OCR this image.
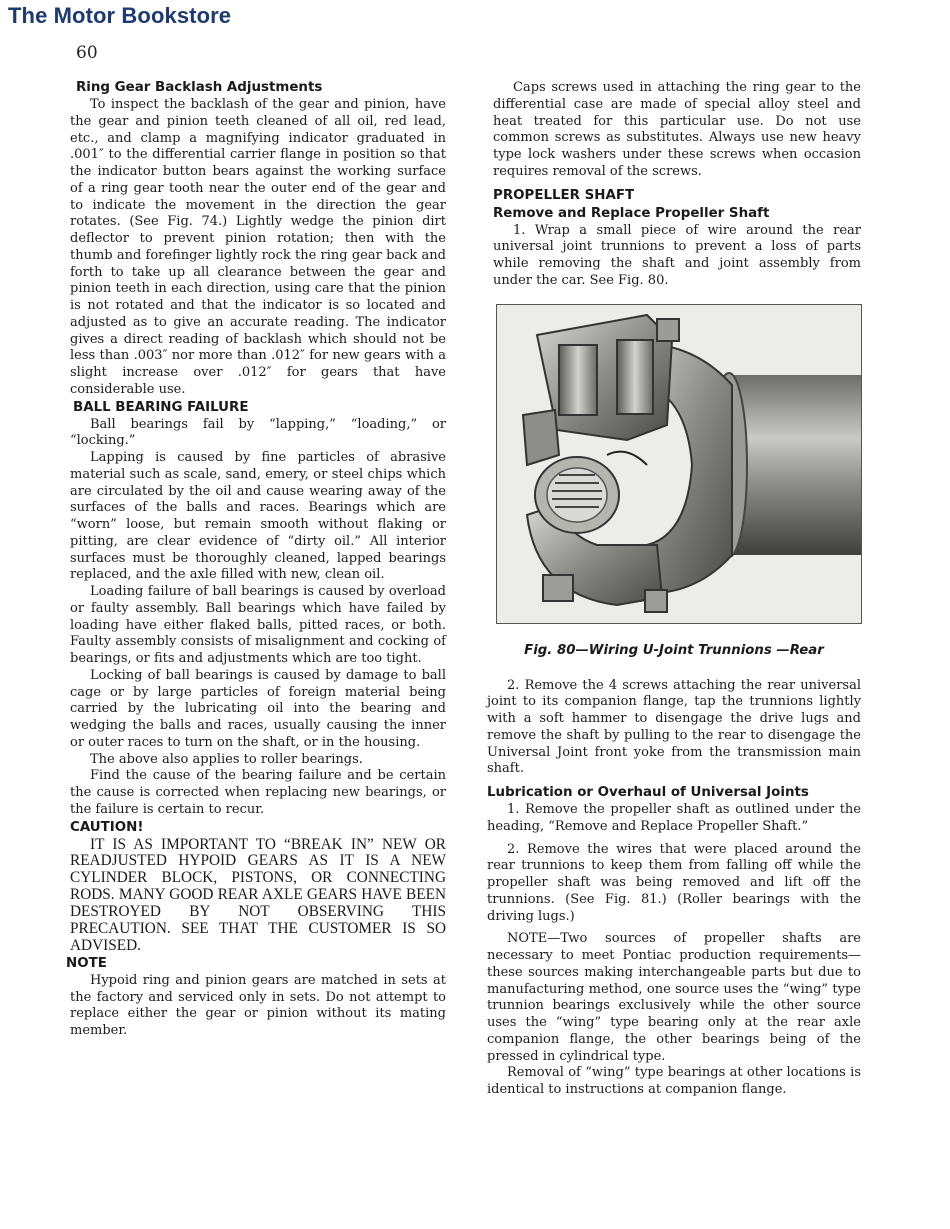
The Motor Bookstore
60
Ring Gear Backlash Adjustments

To inspect the backlash of the gear and pinion, have the gear and pinion teeth cleaned of all oil, red lead, etc., and clamp a magnifying indicator graduated in .001″ to the differential carrier flange in position so that the indicator button bears against the working surface of a ring gear tooth near the outer end of the gear and to indicate the movement in the direction the gear rotates. (See Fig. 74.) Lightly wedge the pinion dirt deflector to prevent pinion rotation; then with the thumb and forefinger lightly rock the ring gear back and forth to take up all clearance between the gear and pinion teeth in each direction, using care that the pinion is not rotated and that the indicator is so located and adjusted as to give an accurate reading. The indicator gives a direct reading of backlash which should not be less than .003″ nor more than .012″ for new gears with a slight increase over .012″ for gears that have considerable use.

BALL BEARING FAILURE

Ball bearings fail by “lapping,” “loading,” or “locking.”

Lapping is caused by fine particles of abrasive material such as scale, sand, emery, or steel chips which are circulated by the oil and cause wearing away of the surfaces of the balls and races. Bearings which are “worn” loose, but remain smooth without flaking or pitting, are clear evidence of “dirty oil.” All interior surfaces must be thoroughly cleaned, lapped bearings replaced, and the axle filled with new, clean oil.

Loading failure of ball bearings is caused by overload or faulty assembly. Ball bearings which have failed by loading have either flaked balls, pitted races, or both. Faulty assembly consists of misalignment and cocking of bearings, or fits and adjustments which are too tight.

Locking of ball bearings is caused by damage to ball cage or by large particles of foreign material being carried by the lubricating oil into the bearing and wedging the balls and races, usually causing the inner or outer races to turn on the shaft, or in the housing.

The above also applies to roller bearings.

Find the cause of the bearing failure and be certain the cause is corrected when replacing new bearings, or the failure is certain to recur.

CAUTION!

IT IS AS IMPORTANT TO “BREAK IN” NEW OR READJUSTED HYPOID GEARS AS IT IS A NEW CYLINDER BLOCK, PISTONS, OR CONNECTING RODS. MANY GOOD REAR AXLE GEARS HAVE BEEN DESTROYED BY NOT OBSERVING THIS PRECAUTION. SEE THAT THE CUSTOMER IS SO ADVISED.

NOTE

Hypoid ring and pinion gears are matched in sets at the factory and serviced only in sets. Do not attempt to replace either the gear or pinion without its mating member.

Caps screws used in attaching the ring gear to the differential case are made of special alloy steel and heat treated for this particular use. Do not use common screws as substitutes. Always use new heavy type lock washers under these screws when occasion requires removal of the screws.

PROPELLER SHAFT
Remove and Replace Propeller Shaft

1. Wrap a small piece of wire around the rear universal joint trunnions to prevent a loss of parts while removing the shaft and joint assembly from under the car. See Fig. 80.

Fig. 80—Wiring U-Joint Trunnions —Rear

2. Remove the 4 screws attaching the rear universal joint to its companion flange, tap the trunnions lightly with a soft hammer to disengage the drive lugs and remove the shaft by pulling to the rear to disengage the Universal Joint front yoke from the transmission main shaft.

Lubrication or Overhaul of Universal Joints

1. Remove the propeller shaft as outlined under the heading, “Remove and Replace Propeller Shaft.”

2. Remove the wires that were placed around the rear trunnions to keep them from falling off while the propeller shaft was being removed and lift off the trunnions. (See Fig. 81.) (Roller bearings with the driving lugs.)

NOTE—Two sources of propeller shafts are necessary to meet Pontiac production requirements—these sources making interchangeable parts but due to manufacturing method, one source uses the “wing” type trunnion bearings exclusively while the other source uses the “wing” type bearing only at the rear axle companion flange, the other bearings being of the pressed in cylindrical type.

Removal of “wing” type bearings at other locations is identical to instructions at companion flange.
